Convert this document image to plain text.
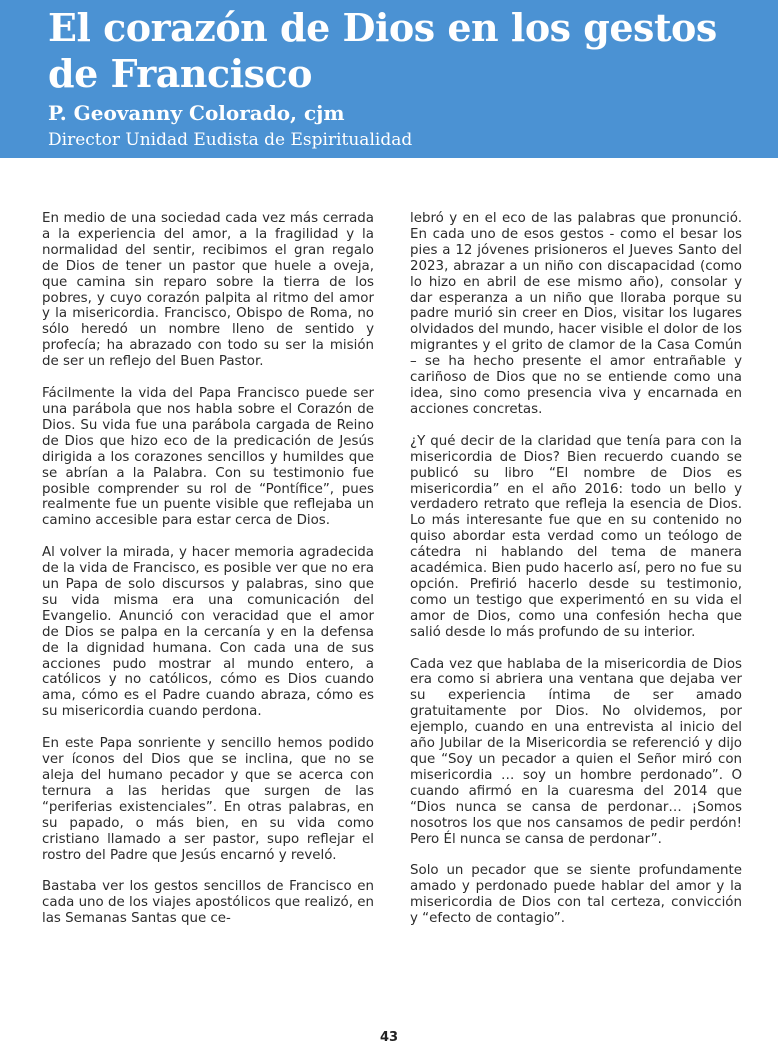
El corazón de Dios en los gestos de Francisco
P. Geovanny Colorado, cjm
Director Unidad Eudista de Espiritualidad

En medio de una sociedad cada vez más cerrada a la experiencia del amor, a la fragilidad y la normalidad del sentir, recibimos el gran regalo de Dios de tener un pastor que huele a oveja, que camina sin reparo sobre la tierra de los pobres, y cuyo corazón palpita al ritmo del amor y la misericordia. Francisco, Obispo de Roma, no sólo heredó un nombre lleno de sentido y profecía; ha abrazado con todo su ser la misión de ser un reflejo del Buen Pastor.

Fácilmente la vida del Papa Francisco puede ser una parábola que nos habla sobre el Corazón de Dios. Su vida fue una parábola cargada de Reino de Dios que hizo eco de la predicación de Jesús dirigida a los corazones sencillos y humildes que se abrían a la Palabra. Con su testimonio fue posible comprender su rol de “Pontífice”, pues realmente fue un puente visible que reflejaba un camino accesible para estar cerca de Dios.

Al volver la mirada, y hacer memoria agradecida de la vida de Francisco, es posible ver que no era un Papa de solo discursos y palabras, sino que su vida misma era una comunicación del Evangelio. Anunció con veracidad que el amor de Dios se palpa en la cercanía y en la defensa de la dignidad humana. Con cada una de sus acciones pudo mostrar al mundo entero, a católicos y no católicos, cómo es Dios cuando ama, cómo es el Padre cuando abraza, cómo es su misericordia cuando perdona.

En este Papa sonriente y sencillo hemos podido ver íconos del Dios que se inclina, que no se aleja del humano pecador y que se acerca con ternura a las heridas que surgen de las “periferias existenciales”. En otras palabras, en su papado, o más bien, en su vida como cristiano llamado a ser pastor, supo reflejar el rostro del Padre que Jesús encarnó y reveló.

Bastaba ver los gestos sencillos de Francisco en cada uno de los viajes apostólicos que realizó, en las Semanas Santas que ce-

lebró y en el eco de las palabras que pronunció. En cada uno de esos gestos - como el besar los pies a 12 jóvenes prisioneros el Jueves Santo del 2023, abrazar a un niño con discapacidad (como lo hizo en abril de ese mismo año), consolar y dar esperanza a un niño que lloraba porque su padre murió sin creer en Dios, visitar los lugares olvidados del mundo, hacer visible el dolor de los migrantes y el grito de clamor de la Casa Común – se ha hecho presente el amor entrañable y cariñoso de Dios que no se entiende como una idea, sino como presencia viva y encarnada en acciones concretas.

¿Y qué decir de la claridad que tenía para con la misericordia de Dios? Bien recuerdo cuando se publicó su libro “El nombre de Dios es misericordia” en el año 2016: todo un bello y verdadero retrato que refleja la esencia de Dios. Lo más interesante fue que en su contenido no quiso abordar esta verdad como un teólogo de cátedra ni hablando del tema de manera académica. Bien pudo hacerlo así, pero no fue su opción. Prefirió hacerlo desde su testimonio, como un testigo que experimentó en su vida el amor de Dios, como una confesión hecha que salió desde lo más profundo de su interior.

Cada vez que hablaba de la misericordia de Dios era como si abriera una ventana que dejaba ver su experiencia íntima de ser amado gratuitamente por Dios. No olvidemos, por ejemplo, cuando en una entrevista al inicio del año Jubilar de la Misericordia se referenció y dijo que “Soy un pecador a quien el Señor miró con misericordia … soy un hombre perdonado”. O cuando afirmó en la cuaresma del 2014 que “Dios nunca se cansa de perdonar… ¡Somos nosotros los que nos cansamos de pedir perdón! Pero Él nunca se cansa de perdonar”.

Solo un pecador que se siente profundamente amado y perdonado puede hablar del amor y la misericordia de Dios con tal certeza, convicción y “efecto de contagio”.

43
